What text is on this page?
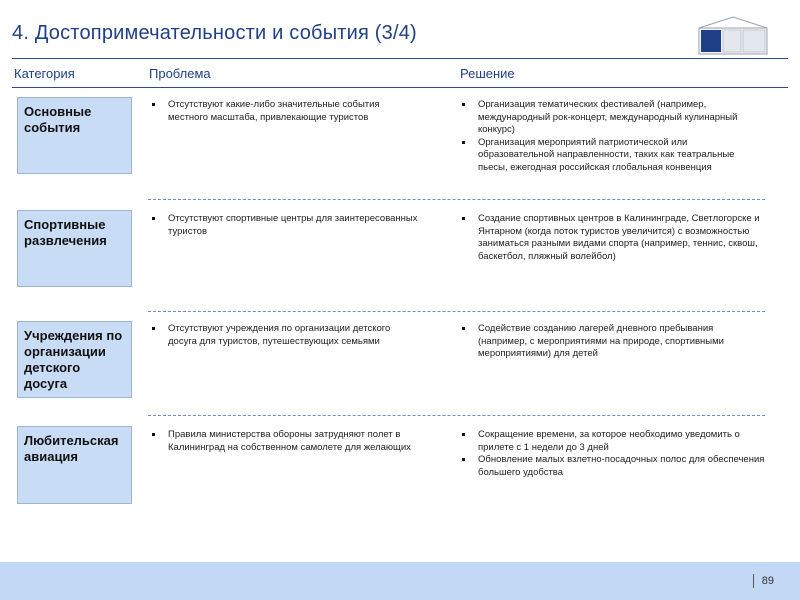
4. Достопримечательности и события (3/4)
Категория	Проблема	Решение
Основные события
Отсутствуют какие-либо значительные события местного масштаба, привлекающие туристов
Организация тематических фестивалей (например, международный рок-концерт, международный кулинарный конкурс)
Организация мероприятий патриотической или образовательной направленности, таких как театральные пьесы, ежегодная российская глобальная конвенция
Спортивные развлечения
Отсутствуют спортивные центры для заинтересованных туристов
Создание спортивных центров в Калининграде, Светлогорске и Янтарном (когда поток туристов увеличится) с возможностью заниматься разными видами спорта (например, теннис, сквош, баскетбол, пляжный волейбол)
Учреждения по организации детского досуга
Отсутствуют учреждения по организации детского досуга для туристов, путешествующих семьями
Содействие созданию лагерей дневного пребывания (например, с мероприятиями на природе, спортивными мероприятиями) для детей
Любительская авиация
Правила министерства обороны затрудняют полет в Калининград на собственном самолете для желающих
Сокращение времени, за которое необходимо уведомить о прилете с 1 недели до 3 дней
Обновление малых взлетно-посадочных полос для обеспечения большего удобства
89
